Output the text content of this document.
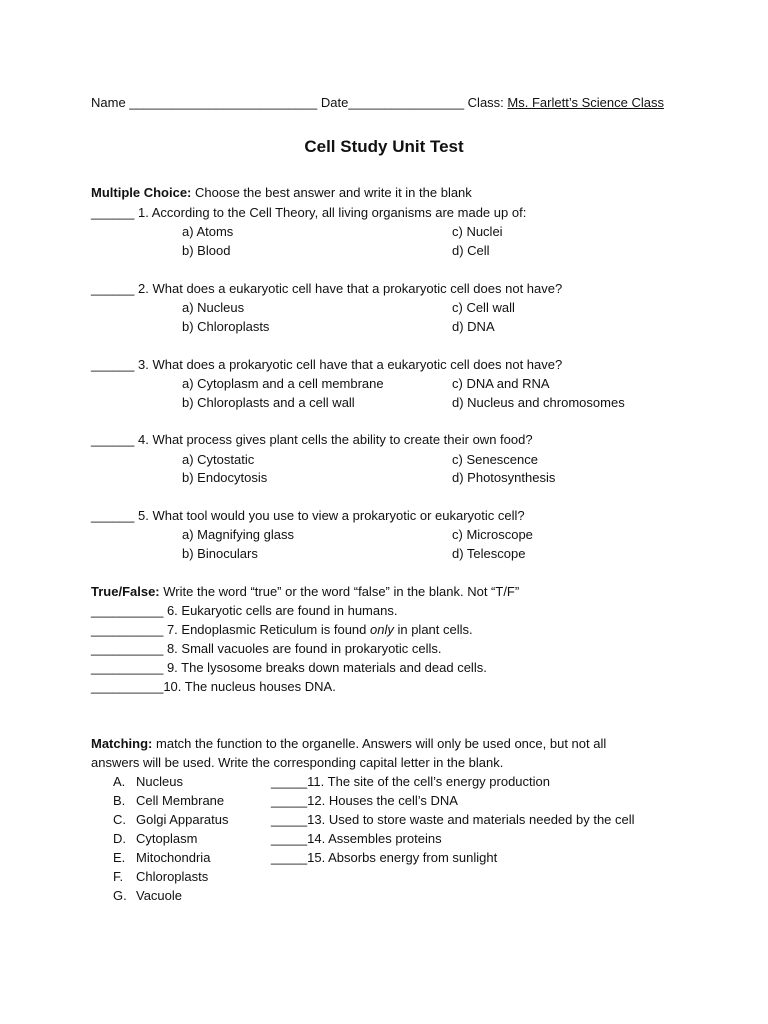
Name __________________________ Date________________ Class: Ms. Farlett’s Science Class
Cell Study Unit Test
Multiple Choice: Choose the best answer and write it in the blank
______ 1. According to the Cell Theory, all living organisms are made up of:
a) Atoms
b) Blood
c) Nuclei
d) Cell
______ 2. What does a eukaryotic cell have that a prokaryotic cell does not have?
a) Nucleus
b) Chloroplasts
c) Cell wall
d) DNA
______ 3. What does a prokaryotic cell have that a eukaryotic cell does not have?
a) Cytoplasm and a cell membrane
b) Chloroplasts and a cell wall
c) DNA and RNA
d) Nucleus and chromosomes
______ 4. What process gives plant cells the ability to create their own food?
a) Cytostatic
b) Endocytosis
c) Senescence
d) Photosynthesis
______ 5. What tool would you use to view a prokaryotic or eukaryotic cell?
a) Magnifying glass
b) Binoculars
c) Microscope
d) Telescope
True/False: Write the word “true” or the word “false” in the blank. Not “T/F”
__________ 6. Eukaryotic cells are found in humans.
__________ 7. Endoplasmic Reticulum is found only in plant cells.
__________ 8. Small vacuoles are found in prokaryotic cells.
__________ 9. The lysosome breaks down materials and dead cells.
__________10. The nucleus houses DNA.
Matching: match the function to the organelle. Answers will only be used once, but not all
answers will be used. Write the corresponding capital letter in the blank.
A. Nucleus
B. Cell Membrane
C. Golgi Apparatus
D. Cytoplasm
E. Mitochondria
F. Chloroplasts
G. Vacuole
_____11. The site of the cell’s energy production
_____12. Houses the cell’s DNA
_____13. Used to store waste and materials needed by the cell
_____14. Assembles proteins
_____15. Absorbs energy from sunlight
